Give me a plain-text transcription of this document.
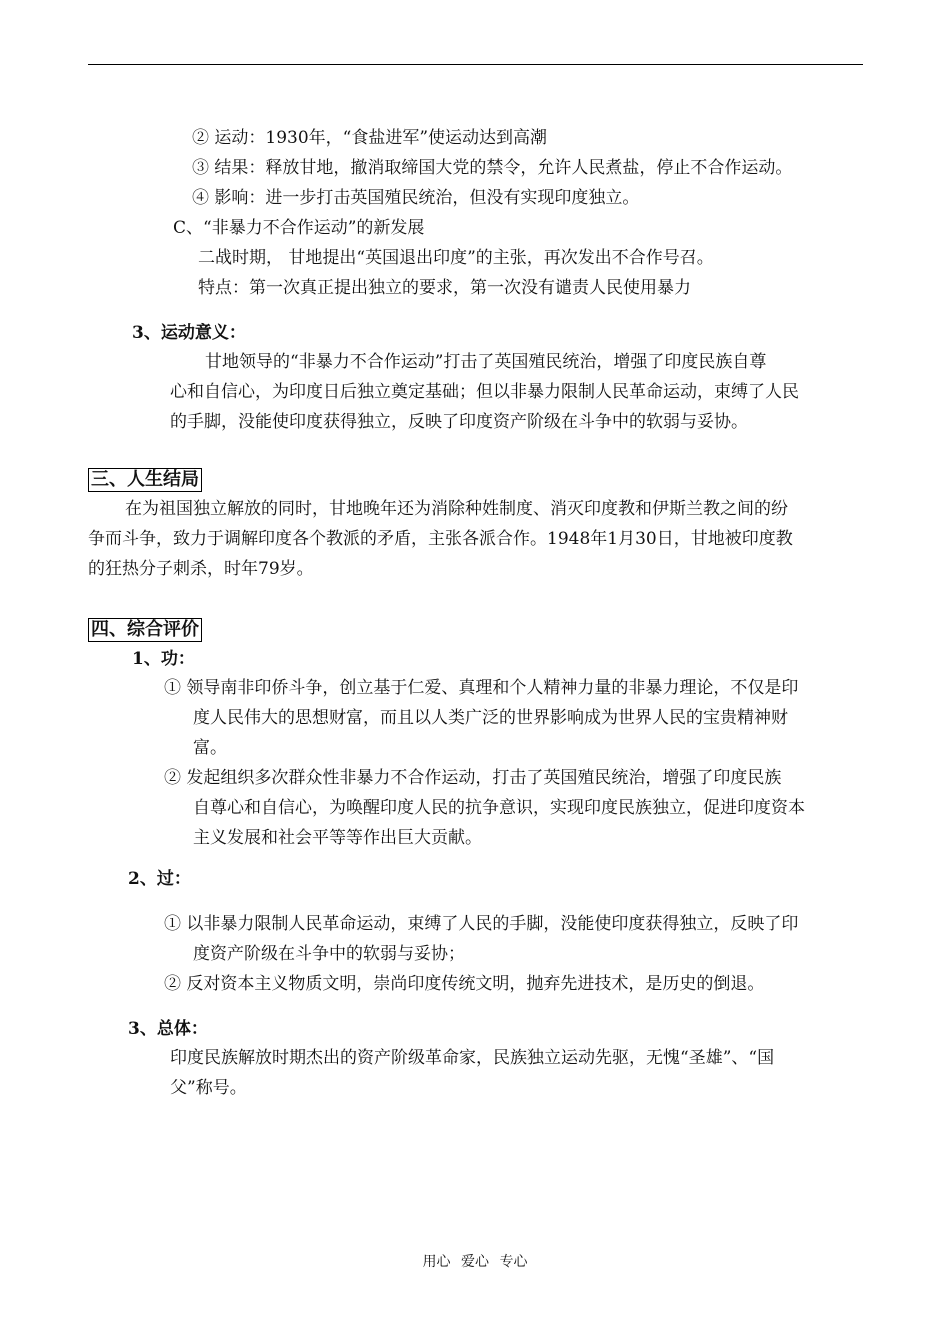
② 运动：1930年，“食盐进军”使运动达到高潮
③ 结果：释放甘地，撤消取缔国大党的禁令，允许人民煮盐，停止不合作运动。
④ 影响：进一步打击英国殖民统治，但没有实现印度独立。
C、“非暴力不合作运动”的新发展
二战时期， 甘地提出“英国退出印度”的主张，再次发出不合作号召。
特点：第一次真正提出独立的要求，第一次没有谴责人民使用暴力
3、运动意义：
甘地领导的“非暴力不合作运动”打击了英国殖民统治，增强了印度民族自尊
心和自信心，为印度日后独立奠定基础；但以非暴力限制人民革命运动，束缚了人民
的手脚，没能使印度获得独立，反映了印度资产阶级在斗争中的软弱与妥协。
三、人生结局
在为祖国独立解放的同时，甘地晚年还为消除种姓制度、消灭印度教和伊斯兰教之间的纷
争而斗争，致力于调解印度各个教派的矛盾，主张各派合作。1948年1月30日，甘地被印度教
的狂热分子刺杀，时年79岁。
四、综合评价
1、功：
① 领导南非印侨斗争，创立基于仁爱、真理和个人精神力量的非暴力理论，不仅是印
度人民伟大的思想财富，而且以人类广泛的世界影响成为世界人民的宝贵精神财
富。
② 发起组织多次群众性非暴力不合作运动，打击了英国殖民统治，增强了印度民族
自尊心和自信心，为唤醒印度人民的抗争意识，实现印度民族独立，促进印度资本
主义发展和社会平等等作出巨大贡献。
2、过：
① 以非暴力限制人民革命运动，束缚了人民的手脚，没能使印度获得独立，反映了印
度资产阶级在斗争中的软弱与妥协；
② 反对资本主义物质文明，崇尚印度传统文明，抛弃先进技术，是历史的倒退。
3、总体：
印度民族解放时期杰出的资产阶级革命家，民族独立运动先驱，无愧“圣雄”、“国
父”称号。
用心 爱心 专心
